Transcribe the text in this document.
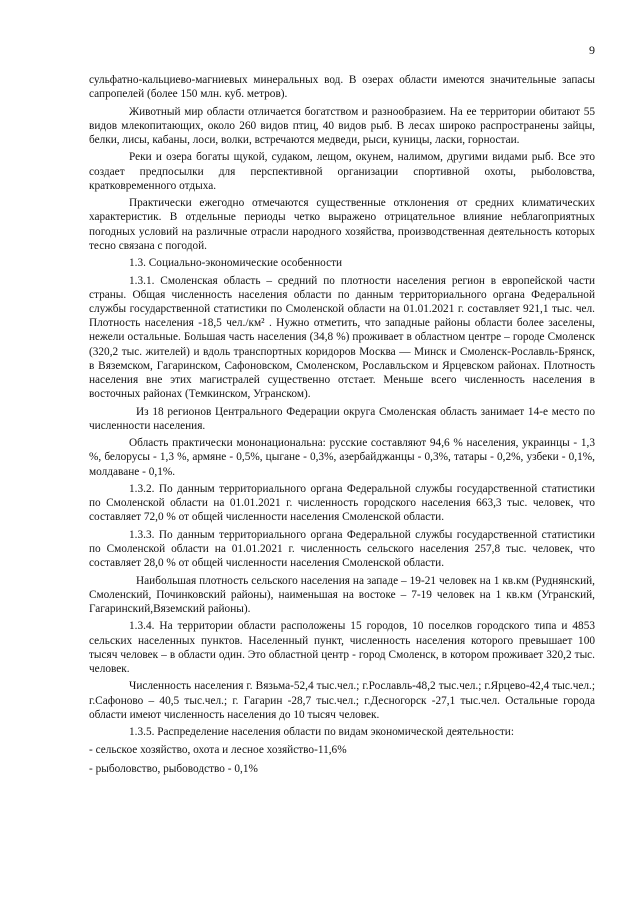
9

сульфатно-кальциево-магниевых минеральных вод. В озерах области имеются значительные запасы сапропелей (более 150 млн. куб. метров).

Животный мир области отличается богатством и разнообразием. На ее территории обитают 55 видов млекопитающих, около 260 видов птиц, 40 видов рыб. В лесах широко распространены зайцы, белки, лисы, кабаны, лоси, волки, встречаются медведи, рыси, куницы, ласки, горностаи.

Реки и озера богаты щукой, судаком, лещом, окунем, налимом, другими видами рыб. Все это создает предпосылки для перспективной организации спортивной охоты, рыболовства, кратковременного отдыха.

Практически ежегодно отмечаются существенные отклонения от средних климатических характеристик. В отдельные периоды четко выражено отрицательное влияние неблагоприятных погодных условий на различные отрасли народного хозяйства, производственная деятельность которых тесно связана с погодой.

1.3. Социально-экономические особенности

1.3.1. Смоленская область – средний по плотности населения регион в европейской части страны. Общая численность населения области по данным территориального органа Федеральной службы государственной статистики по Смоленской области на 01.01.2021 г. составляет 921,1 тыс. чел. Плотность населения -18,5 чел./км² . Нужно отметить, что западные районы области более заселены, нежели остальные. Большая часть населения (34,8 %) проживает в областном центре – городе Смоленск (320,2 тыс. жителей) и вдоль транспортных коридоров Москва — Минск и Смоленск-Рославль-Брянск, в Вяземском, Гагаринском, Сафоновском, Смоленском, Рославльском и Ярцевском районах. Плотность населения вне этих магистралей существенно отстает. Меньше всего численность населения в восточных районах (Темкинском, Угранском).

Из 18 регионов Центрального Федерации округа Смоленская область занимает 14-е место по численности населения.

Область практически мононациональна: русские составляют 94,6 % населения, украинцы - 1,3 %, белорусы - 1,3 %, армяне - 0,5%, цыгане - 0,3%, азербайджанцы - 0,3%, татары - 0,2%, узбеки - 0,1%, молдаване - 0,1%.

1.3.2. По данным территориального органа Федеральной службы государственной статистики по Смоленской области на 01.01.2021 г. численность городского населения 663,3 тыс. человек, что составляет 72,0 % от общей численности населения Смоленской области.

1.3.3. По данным территориального органа Федеральной службы государственной статистики по Смоленской области на 01.01.2021 г. численность сельского населения 257,8 тыс. человек, что составляет 28,0 % от общей численности населения Смоленской области.

Наибольшая плотность сельского населения на западе – 19-21 человек на 1 кв.км (Руднянский, Смоленский, Починковский районы), наименьшая на востоке – 7-19 человек на 1 кв.км (Угранский, Гагаринский,Вяземский районы).

1.3.4. На территории области расположены 15 городов, 10 поселков городского типа и 4853 сельских населенных пунктов. Населенный пункт, численность населения которого превышает 100 тысяч человек – в области один. Это областной центр - город Смоленск, в котором проживает 320,2 тыс. человек.

Численность населения г. Вязьма-52,4 тыс.чел.; г.Рославль-48,2 тыс.чел.; г.Ярцево-42,4 тыс.чел.; г.Сафоново – 40,5 тыс.чел.; г. Гагарин -28,7 тыс.чел.; г.Десногорск -27,1 тыс.чел. Остальные города области имеют численность населения до 10 тысяч человек.

1.3.5. Распределение населения области по видам экономической деятельности:

- сельское хозяйство, охота и лесное хозяйство-11,6%

- рыболовство, рыбоводство - 0,1%
